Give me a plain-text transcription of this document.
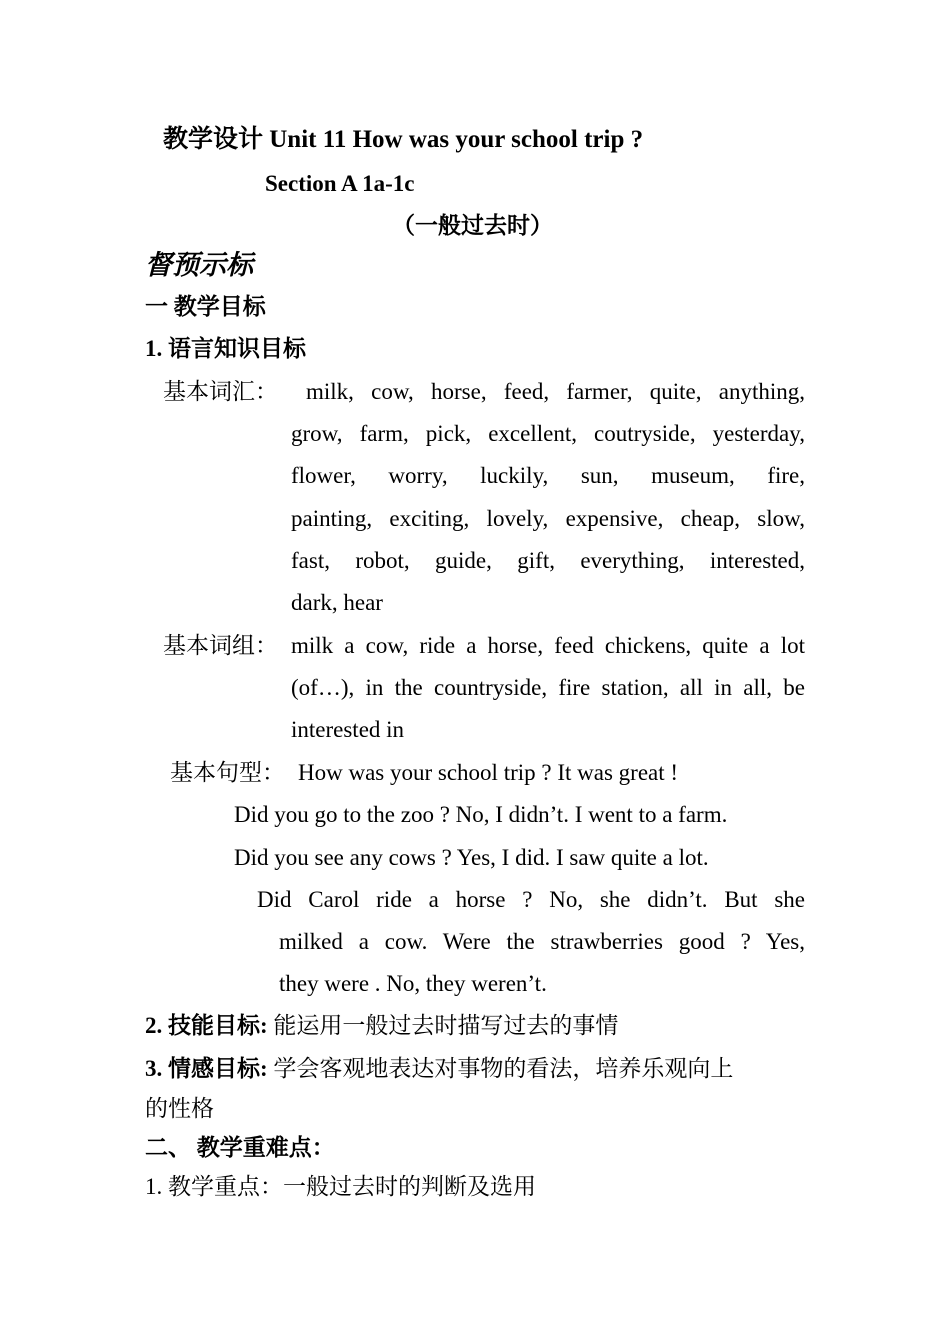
教学设计 Unit 11 How was your school trip ?
Section A 1a-1c
（一般过去时）
督预示标
一 教学目标
1. 语言知识目标
基本词汇： milk, cow, horse, feed, farmer, quite, anything,
grow, farm, pick, excellent, coutryside, yesterday,
flower, worry, luckily, sun, museum, fire,
painting, exciting, lovely, expensive, cheap, slow,
fast, robot, guide, gift, everything, interested,
dark, hear
基本词组： milk a cow, ride a horse, feed chickens, quite a lot
(of…), in the countryside, fire station, all in all, be
interested in
基本句型： How was your school trip ? It was great !
Did you go to the zoo ? No, I didn’t. I went to a farm.
Did you see any cows ? Yes, I did. I saw quite a lot.
Did Carol ride a horse ? No, she didn’t. But she
milked a cow. Were the strawberries good ? Yes,
they were . No, they weren’t.
2. 技能目标: 能运用一般过去时描写过去的事情
3. 情感目标: 学会客观地表达对事物的看法，培养乐观向上
的性格
二、 教学重难点：
1. 教学重点：一般过去时的判断及选用
